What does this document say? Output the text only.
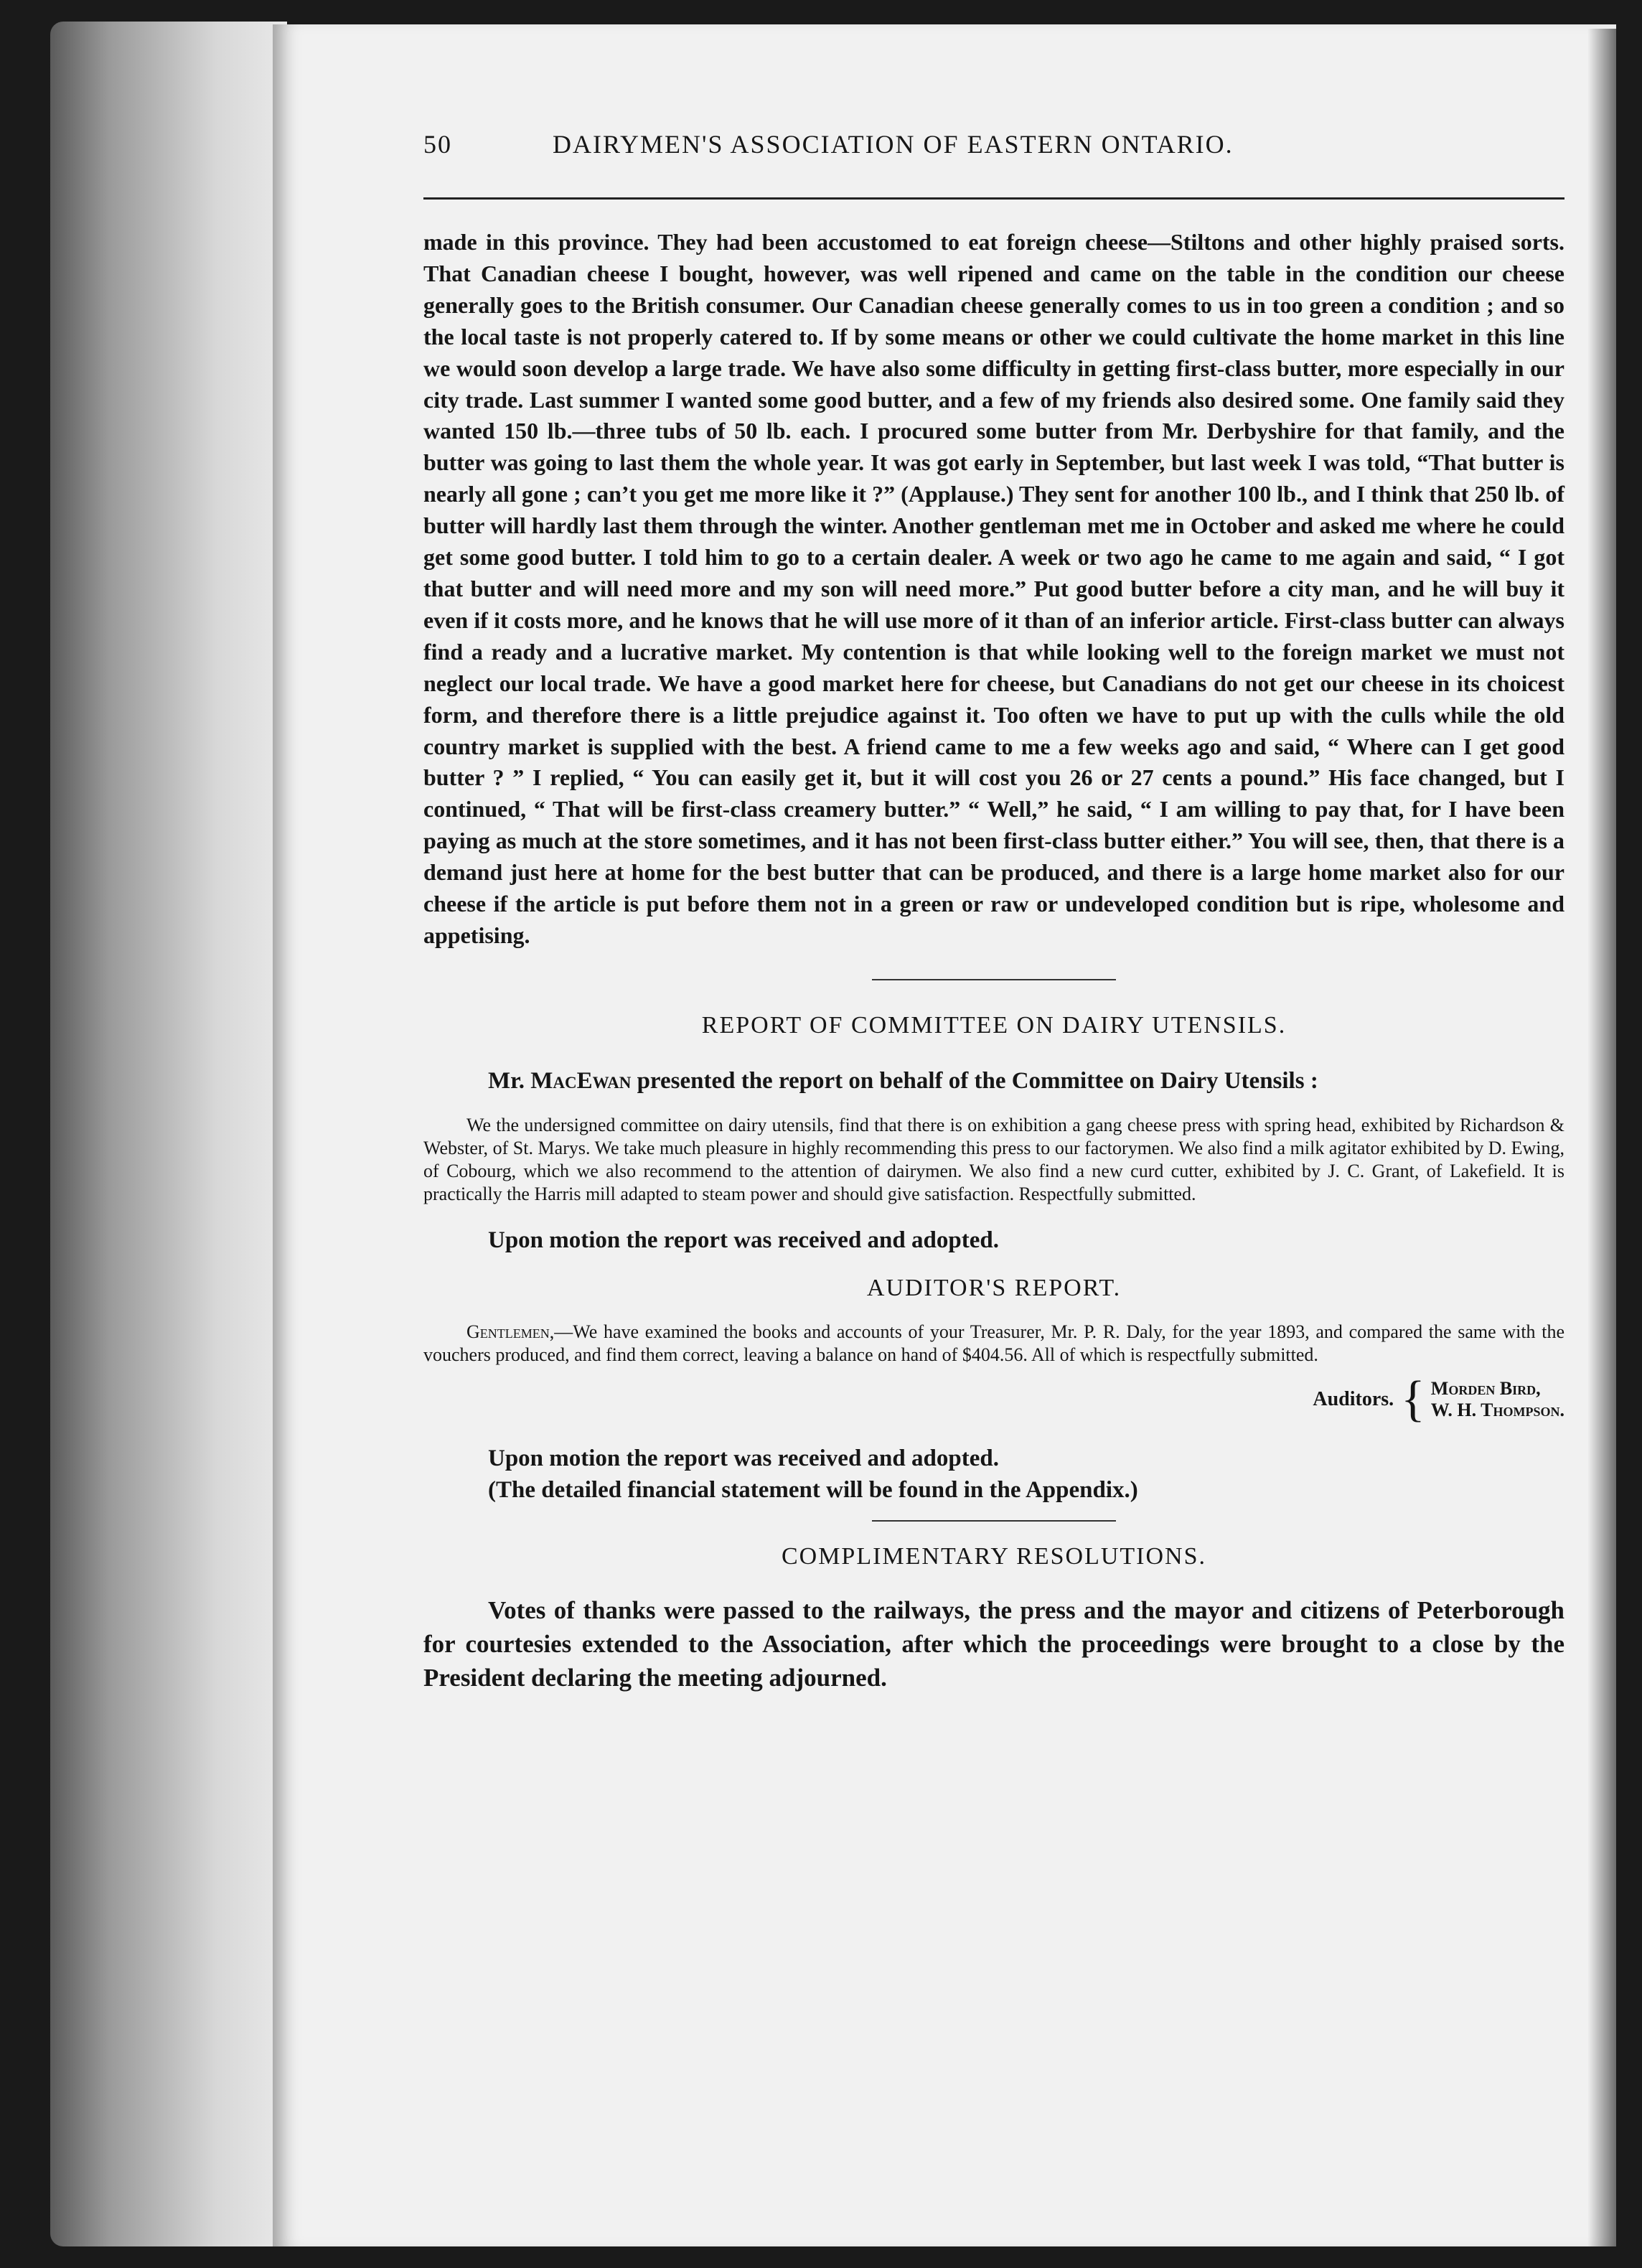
50	DAIRYMEN'S ASSOCIATION OF EASTERN ONTARIO.

made in this province. They had been accustomed to eat foreign cheese—Stiltons and other highly praised sorts. That Canadian cheese I bought, however, was well ripened and came on the table in the condition our cheese generally goes to the British consumer. Our Canadian cheese generally comes to us in too green a condition ; and so the local taste is not properly catered to. If by some means or other we could cultivate the home market in this line we would soon develop a large trade. We have also some difficulty in getting first-class butter, more especially in our city trade. Last summer I wanted some good butter, and a few of my friends also desired some. One family said they wanted 150 lb.—three tubs of 50 lb. each. I procured some butter from Mr. Derbyshire for that family, and the butter was going to last them the whole year. It was got early in September, but last week I was told, “That butter is nearly all gone ; can’t you get me more like it ?” (Applause.) They sent for another 100 lb., and I think that 250 lb. of butter will hardly last them through the winter. Another gentleman met me in October and asked me where he could get some good butter. I told him to go to a certain dealer. A week or two ago he came to me again and said, “ I got that butter and will need more and my son will need more.” Put good butter before a city man, and he will buy it even if it costs more, and he knows that he will use more of it than of an inferior article. First-class butter can always find a ready and a lucrative market. My contention is that while looking well to the foreign market we must not neglect our local trade. We have a good market here for cheese, but Canadians do not get our cheese in its choicest form, and therefore there is a little prejudice against it. Too often we have to put up with the culls while the old country market is supplied with the best. A friend came to me a few weeks ago and said, “ Where can I get good butter ? ” I replied, “ You can easily get it, but it will cost you 26 or 27 cents a pound.” His face changed, but I continued, “ That will be first-class creamery butter.” “ Well,” he said, “ I am willing to pay that, for I have been paying as much at the store sometimes, and it has not been first-class butter either.” You will see, then, that there is a demand just here at home for the best butter that can be produced, and there is a large home market also for our cheese if the article is put before them not in a green or raw or undeveloped condition but is ripe, wholesome and appetising.

REPORT OF COMMITTEE ON DAIRY UTENSILS.

Mr. MacEwan presented the report on behalf of the Committee on Dairy Utensils :

We the undersigned committee on dairy utensils, find that there is on exhibition a gang cheese press with spring head, exhibited by Richardson & Webster, of St. Marys. We take much pleasure in highly recommending this press to our factorymen. We also find a milk agitator exhibited by D. Ewing, of Cobourg, which we also recommend to the attention of dairymen. We also find a new curd cutter, exhibited by J. C. Grant, of Lakefield. It is practically the Harris mill adapted to steam power and should give satisfaction. Respectfully submitted.

Upon motion the report was received and adopted.

AUDITOR'S REPORT.

Gentlemen,—We have examined the books and accounts of your Treasurer, Mr. P. R. Daly, for the year 1893, and compared the same with the vouchers produced, and find them correct, leaving a balance on hand of $404.56. All of which is respectfully submitted.

Auditors. { Morden Bird,
W. H. Thompson.

Upon motion the report was received and adopted.

(The detailed financial statement will be found in the Appendix.)

COMPLIMENTARY RESOLUTIONS.

Votes of thanks were passed to the railways, the press and the mayor and citizens of Peterborough for courtesies extended to the Association, after which the proceedings were brought to a close by the President declaring the meeting adjourned.
